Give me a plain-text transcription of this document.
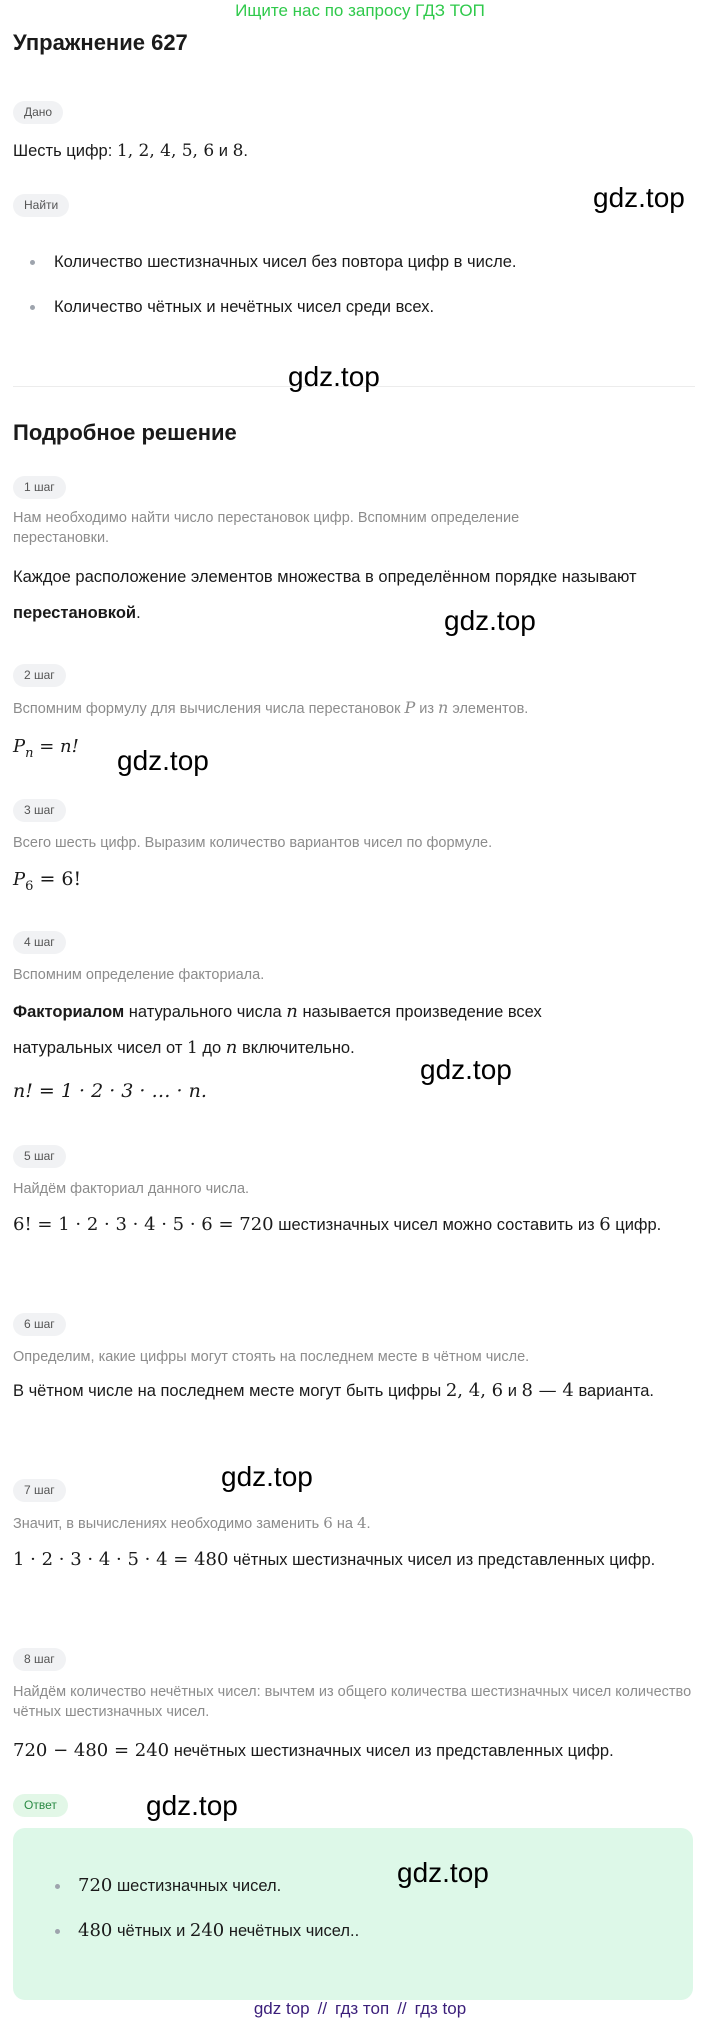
Ищите нас по запросу ГДЗ ТОП
Упражнение 627
Дано
Шесть цифр: 1, 2, 4, 5, 6 и 8.
Найти
Количество шестизначных чисел без повтора цифр в числе.
Количество чётных и нечётных чисел среди всех.
Подробное решение
1 шаг
Нам необходимо найти число перестановок цифр. Вспомним определение перестановки.
Каждое расположение элементов множества в определённом порядке называют перестановкой.
2 шаг
Вспомним формулу для вычисления числа перестановок P из n элементов.
$P_n = n$!
3 шаг
Всего шесть цифр. Выразим количество вариантов чисел по формуле.
$P_6 = 6$!
4 шаг
Вспомним определение факториала.
Факториалом натурального числа n называется произведение всех натуральных чисел от 1 до n включительно.
n! = 1 · 2 · 3 · … · n.
5 шаг
Найдём факториал данного числа.
6! = 1 · 2 · 3 · 4 · 5 · 6 = 720 шестизначных чисел можно составить из 6 цифр.
6 шаг
Определим, какие цифры могут стоять на последнем месте в чётном числе.
В чётном числе на последнем месте могут быть цифры 2, 4, 6 и 8 — 4 варианта.
7 шаг
Значит, в вычислениях необходимо заменить 6 на 4.
1 · 2 · 3 · 4 · 5 · 4 = 480 чётных шестизначных чисел из представленных цифр.
8 шаг
Найдём количество нечётных чисел: вычтем из общего количества шестизначных чисел количество чётных шестизначных чисел.
720 − 480 = 240 нечётных шестизначных чисел из представленных цифр.
Ответ
720 шестизначных чисел.
480 чётных и 240 нечётных чисел..
gdz.top
gdz.top
gdz.top
gdz.top
gdz.top
gdz.top
gdz.top
gdz.top
gdz top // гдз топ // гдз top
